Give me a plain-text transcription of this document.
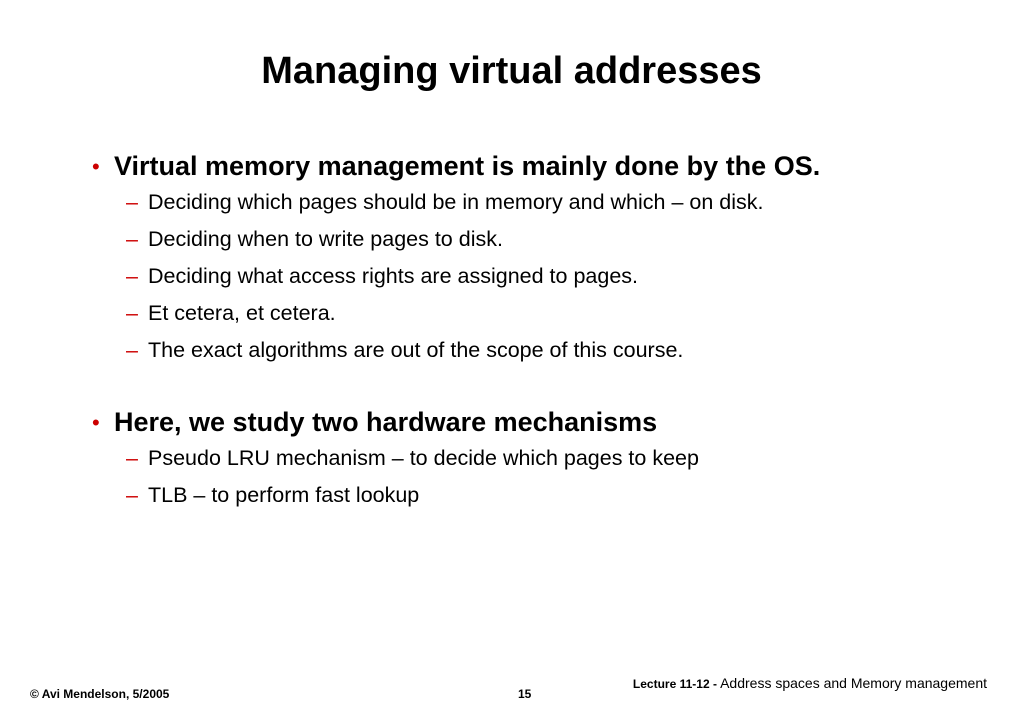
Managing virtual addresses
• Virtual memory management is mainly done by the OS.
– Deciding which pages should be in memory and which – on disk.
– Deciding when to write pages to disk.
– Deciding what access rights are assigned to pages.
– Et cetera, et cetera.
– The exact algorithms are out of the scope of this course.
• Here, we study two hardware mechanisms
– Pseudo LRU mechanism – to decide which pages to keep
– TLB – to perform fast lookup
© Avi Mendelson, 5/2005	15
Lecture 11-12 - Address spaces and Memory management
